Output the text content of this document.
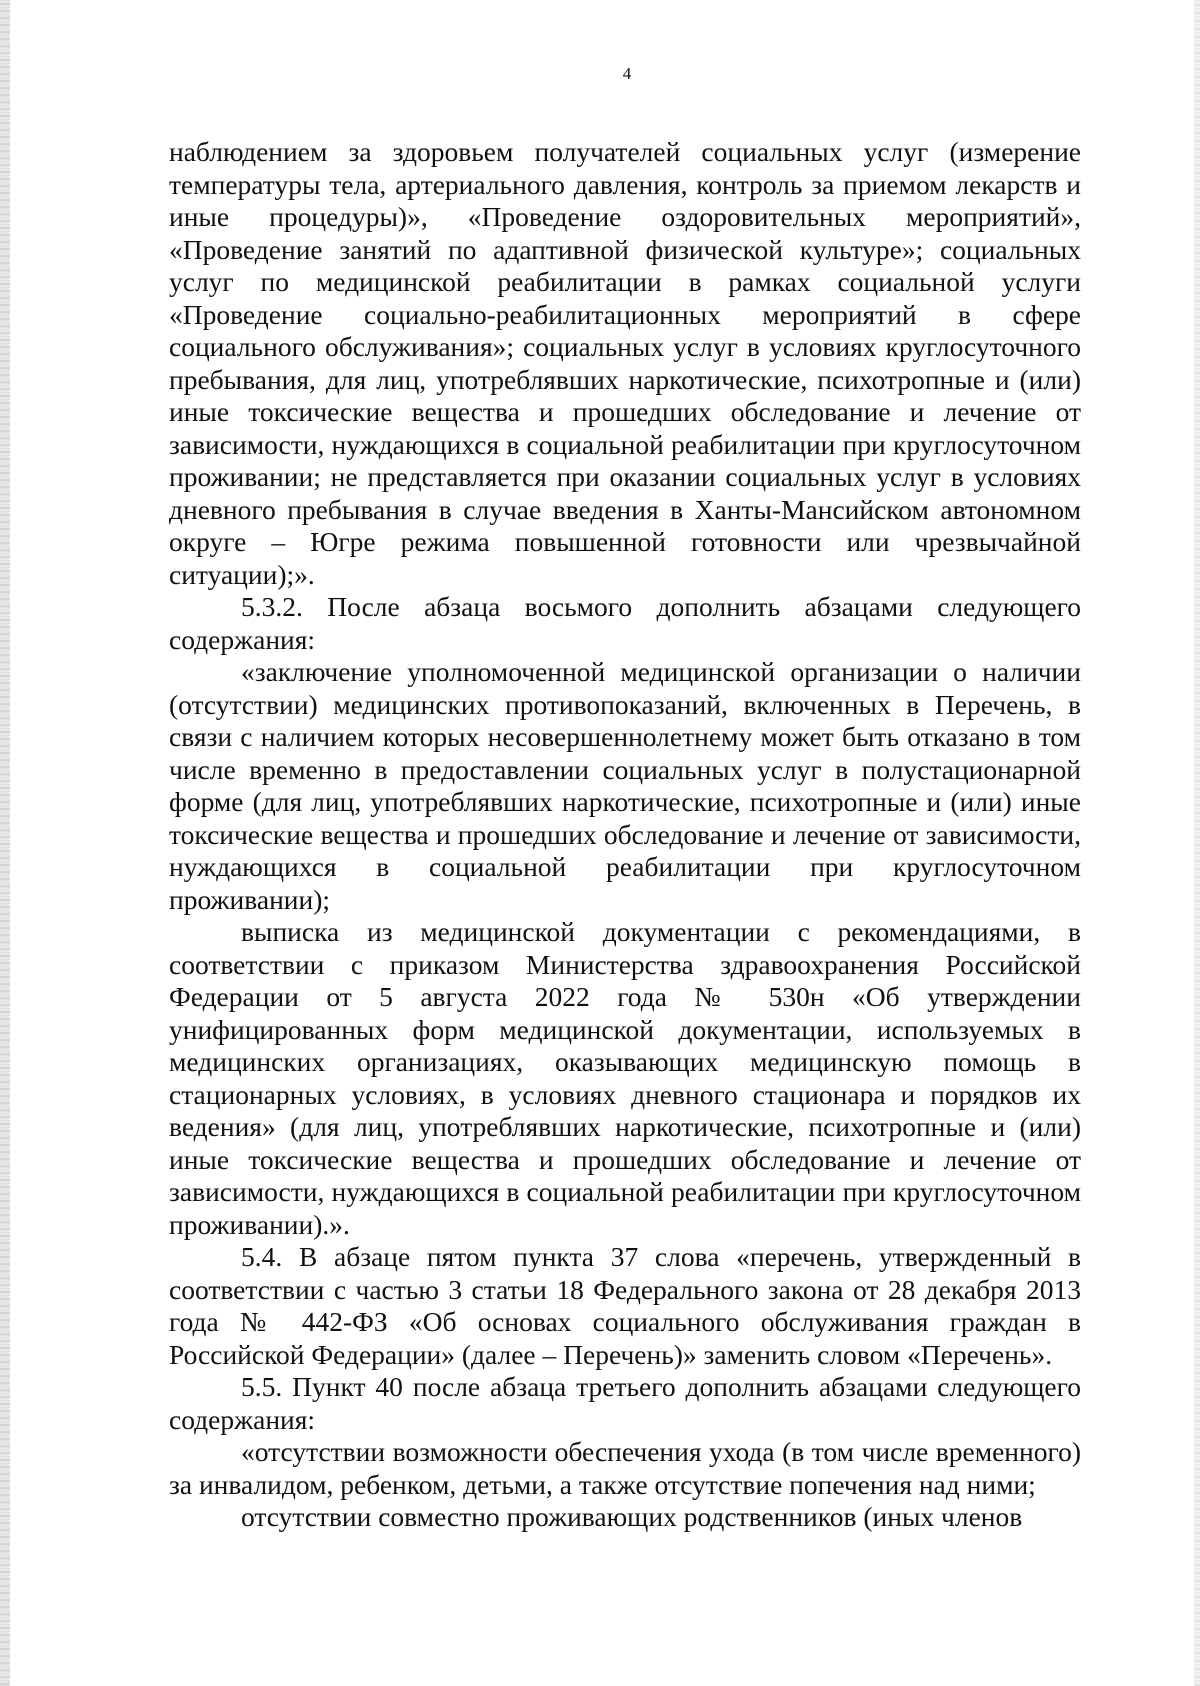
4

наблюдением за здоровьем получателей социальных услуг (измерение температуры тела, артериального давления, контроль за приемом лекарств и иные процедуры)», «Проведение оздоровительных мероприятий», «Проведение занятий по адаптивной физической культуре»; социальных услуг по медицинской реабилитации в рамках социальной услуги «Проведение социально-реабилитационных мероприятий в сфере социального обслуживания»; социальных услуг в условиях круглосуточного пребывания, для лиц, употреблявших наркотические, психотропные и (или) иные токсические вещества и прошедших обследование и лечение от зависимости, нуждающихся в социальной реабилитации при круглосуточном проживании; не представляется при оказании социальных услуг в условиях дневного пребывания в случае введения в Ханты-Мансийском автономном округе – Югре режима повышенной готовности или чрезвычайной ситуации);».

5.3.2. После абзаца восьмого дополнить абзацами следующего содержания:

«заключение уполномоченной медицинской организации о наличии (отсутствии) медицинских противопоказаний, включенных в Перечень, в связи с наличием которых несовершеннолетнему может быть отказано в том числе временно в предоставлении социальных услуг в полустационарной форме (для лиц, употреблявших наркотические, психотропные и (или) иные токсические вещества и прошедших обследование и лечение от зависимости, нуждающихся в социальной реабилитации при круглосуточном проживании);

выписка из медицинской документации с рекомендациями, в соответствии с приказом Министерства здравоохранения Российской Федерации от 5 августа 2022 года № 530н «Об утверждении унифицированных форм медицинской документации, используемых в медицинских организациях, оказывающих медицинскую помощь в стационарных условиях, в условиях дневного стационара и порядков их ведения» (для лиц, употреблявших наркотические, психотропные и (или) иные токсические вещества и прошедших обследование и лечение от зависимости, нуждающихся в социальной реабилитации при круглосуточном проживании).».

5.4. В абзаце пятом пункта 37 слова «перечень, утвержденный в соответствии с частью 3 статьи 18 Федерального закона от 28 декабря 2013 года № 442-ФЗ «Об основах социального обслуживания граждан в Российской Федерации» (далее – Перечень)» заменить словом «Перечень».

5.5. Пункт 40 после абзаца третьего дополнить абзацами следующего содержания:

«отсутствии возможности обеспечения ухода (в том числе временного) за инвалидом, ребенком, детьми, а также отсутствие попечения над ними;

отсутствии совместно проживающих родственников (иных членов
